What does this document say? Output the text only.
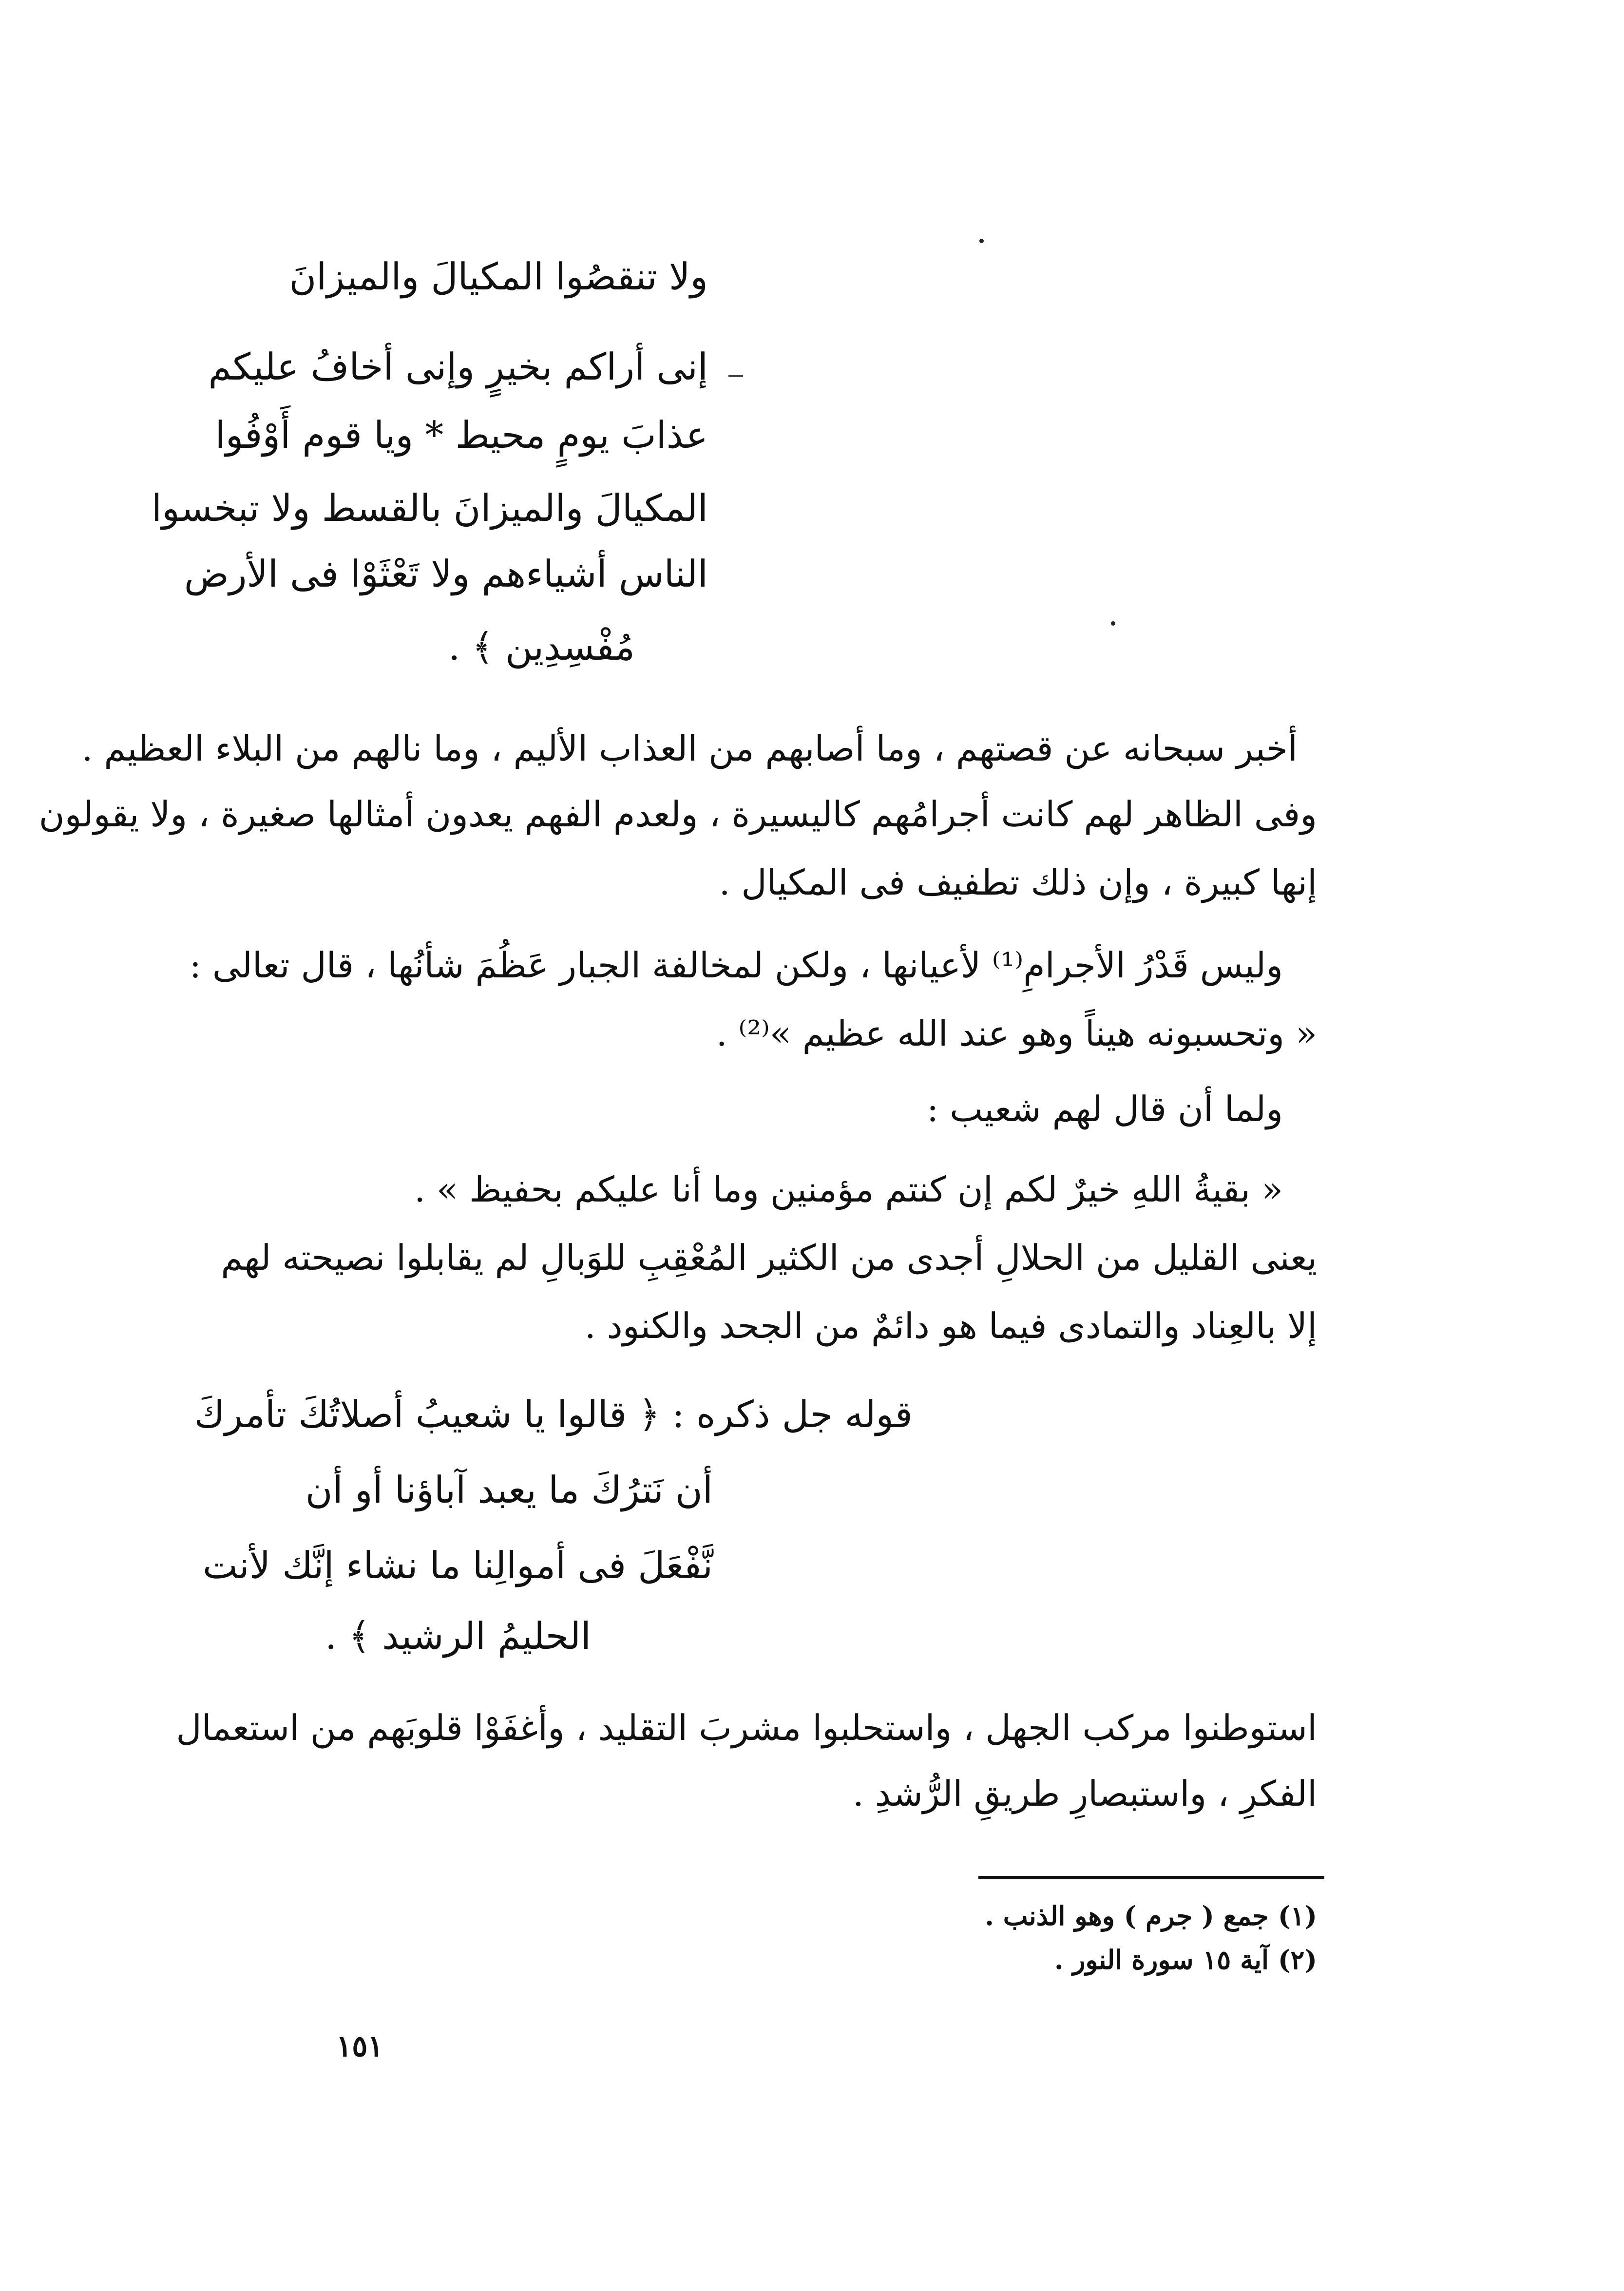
ولا تنقصُوا المكيالَ والميزانَ
إنى أراكم بخيرٍ وإنى أخافُ عليكم
عذابَ يومٍ محيط * ويا قوم أَوْفُوا
المكيالَ والميزانَ بالقسط ولا تبخسوا
الناس أشياءهم ولا تَعْثَوْا فى الأرض
مُفْسِدِين ﴾ .
أخبر سبحانه عن قصتهم ، وما أصابهم من العذاب الأليم ، وما نالهم من البلاء العظيم .
وفى الظاهر لهم كانت أجرامُهم كاليسيرة ، ولعدم الفهم يعدون أمثالها صغيرة ، ولا يقولون
إنها كبيرة ، وإن ذلك تطفيف فى المكيال .
وليس قَدْرُ الأجرامِ⁽¹⁾ لأعيانها ، ولكن لمخالفة الجبار عَظُمَ شأنُها ، قال تعالى :
« وتحسبونه هيناً وهو عند الله عظيم »⁽²⁾ .
ولما أن قال لهم شعيب :
« بقيةُ اللهِ خيرٌ لكم إن كنتم مؤمنين وما أنا عليكم بحفيظ » .
يعنى القليل من الحلالِ أجدى من الكثير المُعْقِبِ للوَبالِ لم يقابلوا نصيحته لهم
إلا بالعِناد والتمادى فيما هو دائمٌ من الجحد والكنود .
قوله جل ذكره : ﴿ قالوا يا شعيبُ أصلاتُكَ تأمركَ
أن نَترُكَ ما يعبد آباؤنا أو أن
نَّفْعَلَ فى أموالِنا ما نشاء إنَّك لأنت
الحليمُ الرشيد ﴾ .
استوطنوا مركب الجهل ، واستحلبوا مشربَ التقليد ، وأغفَوْا قلوبَهم من استعمال
الفكرِ ، واستبصارِ طريقِ الرُّشدِ .
(١) جمع ( جرم ) وهو الذنب .
(٢) آية ١٥ سورة النور .
١٥١
